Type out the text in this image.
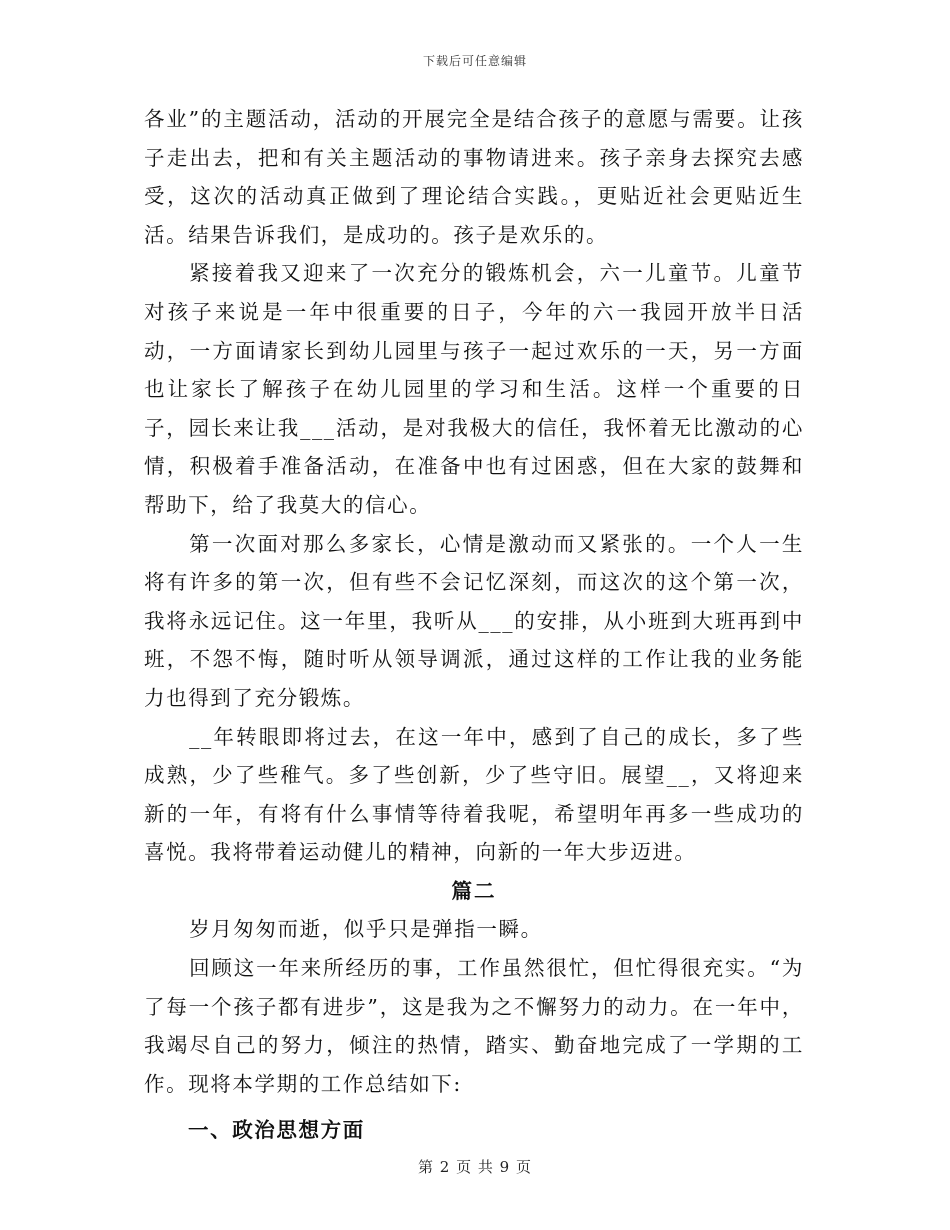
下载后可任意编辑

各业”的主题活动，活动的开展完全是结合孩子的意愿与需要。让孩子走出去，把和有关主题活动的事物请进来。孩子亲身去探究去感受，这次的活动真正做到了理论结合实践。，更贴近社会更贴近生活。结果告诉我们，是成功的。孩子是欢乐的。

紧接着我又迎来了一次充分的锻炼机会，六一儿童节。儿童节对孩子来说是一年中很重要的日子，今年的六一我园开放半日活动，一方面请家长到幼儿园里与孩子一起过欢乐的一天，另一方面也让家长了解孩子在幼儿园里的学习和生活。这样一个重要的日子，园长来让我___活动，是对我极大的信任，我怀着无比激动的心情，积极着手准备活动，在准备中也有过困惑，但在大家的鼓舞和帮助下，给了我莫大的信心。

第一次面对那么多家长，心情是激动而又紧张的。一个人一生将有许多的第一次，但有些不会记忆深刻，而这次的这个第一次，我将永远记住。这一年里，我听从___的安排，从小班到大班再到中班，不怨不悔，随时听从领导调派，通过这样的工作让我的业务能力也得到了充分锻炼。

__年转眼即将过去，在这一年中，感到了自己的成长，多了些成熟，少了些稚气。多了些创新，少了些守旧。展望__，又将迎来新的一年，有将有什么事情等待着我呢，希望明年再多一些成功的喜悦。我将带着运动健儿的精神，向新的一年大步迈进。

篇二

岁月匆匆而逝，似乎只是弹指一瞬。

回顾这一年来所经历的事，工作虽然很忙，但忙得很充实。“为了每一个孩子都有进步”，这是我为之不懈努力的动力。在一年中，我竭尽自己的努力，倾注的热情，踏实、勤奋地完成了一学期的工作。现将本学期的工作总结如下:

一、政治思想方面

第 2 页 共 9 页
